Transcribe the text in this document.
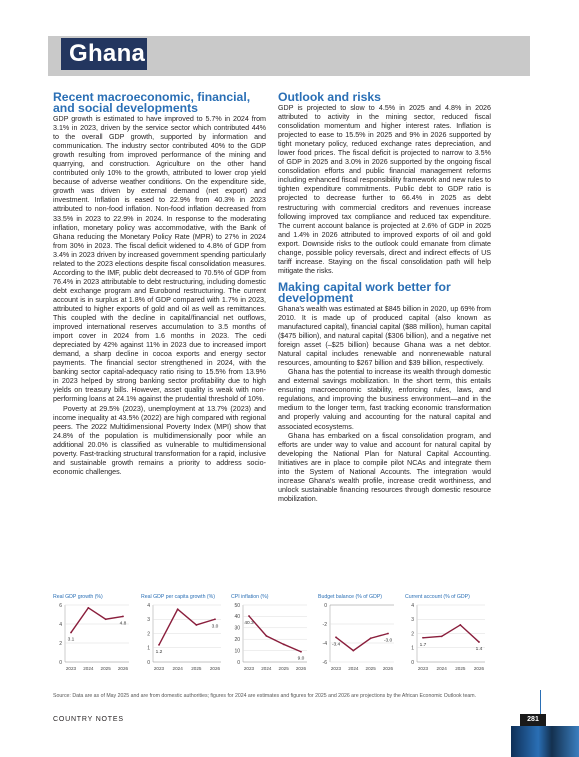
Ghana
Recent macroeconomic, financial, and social developments

GDP growth is estimated to have improved to 5.7% in 2024 from 3.1% in 2023, driven by the service sector which contributed 44% to the overall GDP growth, supported by information and communication. The industry sector contributed 40% to the GDP growth resulting from improved performance of the mining and quarrying, and construction. Agriculture on the other hand contributed only 10% to the growth, attributed to lower crop yield because of adverse weather conditions. On the expenditure side, growth was driven by external demand (net export) and investment. Inflation is eased to 22.9% from 40.3% in 2023 attributed to non-food inflation. Non-food inflation decreased from 33.5% in 2023 to 22.9% in 2024. In response to the moderating inflation, monetary policy was accommodative, with the Bank of Ghana reducing the Monetary Policy Rate (MPR) to 27% in 2024 from 30% in 2023. The fiscal deficit widened to 4.8% of GDP from 3.4% in 2023 driven by increased government spending particularly related to the 2023 elections despite fiscal consolidation measures. According to the IMF, public debt decreased to 70.5% of GDP from 76.4% in 2023 attributable to debt restructuring, including domestic debt exchange program and Eurobond restructuring. The current account is in surplus at 1.8% of GDP compared with 1.7% in 2023, attributed to higher exports of gold and oil as well as remittances. This coupled with the decline in capital/financial net outflows, improved international reserves accumulation to 3.5 months of import cover in 2024 from 1.6 months in 2023. The cedi depreciated by 42% against 11% in 2023 due to increased import demand, a sharp decline in cocoa exports and energy sector payments. The financial sector strengthened in 2024, with the banking sector capital-adequacy ratio rising to 15.5% from 13.9% in 2023 helped by strong banking sector profitability due to high yields on treasury bills. However, asset quality is weak with non-performing loans at 24.1% against the prudential threshold of 10%.

Poverty at 29.5% (2023), unemployment at 13.7% (2023) and income inequality at 43.5% (2022) are high compared with regional peers. The 2022 Multidimensional Poverty Index (MPI) show that 24.8% of the population is multidimensionally poor while an additional 20.0% is classified as vulnerable to multidimensional poverty. Fast-tracking structural transformation for a rapid, inclusive and sustainable growth remains a priority to address socio-economic challenges.

Outlook and risks

GDP is projected to slow to 4.5% in 2025 and 4.8% in 2026 attributed to activity in the mining sector, reduced fiscal consolidation momentum and higher interest rates. Inflation is projected to ease to 15.5% in 2025 and 9% in 2026 supported by tight monetary policy, reduced exchange rates depreciation, and lower food prices. The fiscal deficit is projected to narrow to 3.5% of GDP in 2025 and 3.0% in 2026 supported by the ongoing fiscal consolidation efforts and public financial management reforms including enhanced fiscal responsibility framework and new rules to tighten expenditure commitments. Public debt to GDP ratio is projected to decrease further to 66.4% in 2025 as debt restructuring with commercial creditors and revenues increase following improved tax compliance and reduced tax expenditure. The current account balance is projected at 2.6% of GDP in 2025 and 1.4% in 2026 attributed to improved exports of oil and gold export. Downside risks to the outlook could emanate from climate change, possible policy reversals, direct and indirect effects of US tariff increase. Staying on the fiscal consolidation path will help mitigate the risks.

Making capital work better for development

Ghana's wealth was estimated at $845 billion in 2020, up 69% from 2010. It is made up of produced capital (also known as manufactured capital), financial capital ($88 million), human capital ($475 billion), and natural capital ($306 billion), and a negative net foreign asset (–$25 billion) because Ghana was a net debtor. Natural capital includes renewable and nonrenewable natural resources, amounting to $267 billion and $39 billion, respectively.

Ghana has the potential to increase its wealth through domestic and external savings mobilization. In the short term, this entails ensuring macroeconomic stability, enforcing rules, laws, and regulations, and improving the business environment—and in the medium to the longer term, fast tracking economic transformation and properly valuing and accounting for the natural capital and associated ecosystems.

Ghana has embarked on a fiscal consolidation program, and efforts are under way to value and account for natural capital by developing the National Plan for Natural Capital Accounting. Initiatives are in place to compile pilot NCAs and integrate them into the System of National Accounts. The integration would increase Ghana's wealth profile, increase credit worthiness, and unlock sustainable financing resources through domestic resource mobilization.

Real GDP growth (%)
0
2
4
6
2023 2024 2025 2026
3.1
4.8
Real GDP per capita growth (%)
0
1
2
3
4
2023 2024 2025 2026
1.2
3.0
CPI inflation (%)
0
10
20
30
40
50
2023 2024 2025 2026
40.3
9.0
Budget balance (% of GDP)
0
-2
-4
-6
2023 2024 2025 2026
-3.4
-3.0
Current account (% of GDP)
0
1
2
3
4
2023 2024 2025 2026
1.7
1.4
Source: Data are as of May 2025 and are from domestic authorities; figures for 2024 are estimates and figures for 2025 and 2026 are projections by the African Economic Outlook team.
COUNTRY NOTES	281
